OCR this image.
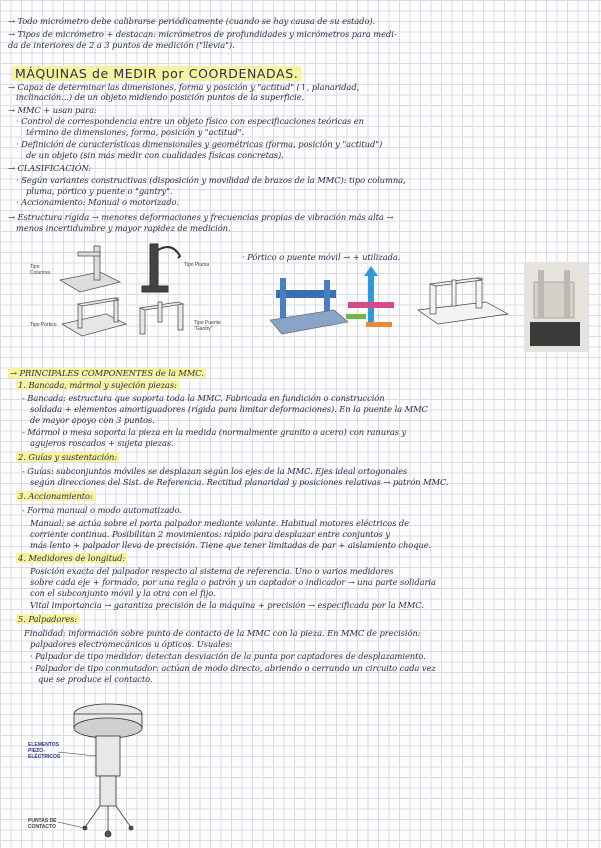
→ Todo micrómetro debe calibrarse periódicamente (cuando se hay causa de su estado).
→ Tipos de micrómetro + destacan: micrómetros de profundidades y micrómetros para medi-
da de interiores de 2 a 3 puntos de medición ("llevia").
MÁQUINAS de MEDIR por COORDENADAS.
→ Capaz de determinar las dimensiones, forma y posición y "actitud" (↑, planaridad,
inclinación...) de un objeto midiendo posición puntos de la superficie.
→ MMC + usan para:
· Control de correspondencia entre un objeto físico con especificaciones teóricas en
término de dimensiones, forma, posición y "actitud".
· Definición de características dimensionales y geométricas (forma, posición y "actitud")
de un objeto (sin más medir con cualidades físicas concretas).
→ CLASIFICACIÓN:
· Según variantes constructivas (disposición y movilidad de brazos de la MMC): tipo columna,
pluma, pórtico y puente o "gantry".
· Accionamiento: Manual o motorizado.
→ Estructura rígida → menores deformaciones y frecuencias propias de vibración más alta →
menos incertidumbre y mayor rapidez de medición.
Tipo Columna
Tipo Pluma
Tipo Pórtico	Tipo Puente "Gantry"
· Pórtico o puente móvil → + utilizada.
→ PRINCIPALES COMPONENTES de la MMC.
1. Bancada, mármol y sujeción piezas:
- Bancada: estructura que soporta toda la MMC. Fabricada en fundición o construcción
soldada + elementos amortiguadores (rígida para limitar deformaciones). En la puente la MMC
de mayor apoyo con 3 puntos.
- Mármol o mesa soporta la pieza en la medida (normalmente granito o acero) con ranuras y
agujeros roscados + sujeta piezas.
2. Guías y sustentación:
- Guías: subconjuntos móviles se desplazan según los ejes de la MMC. Ejes ideal ortogonales
según direcciones del Sist. de Referencia. Rectitud planaridad y posiciones relativas → patrón MMC.
3. Accionamiento:
- Forma manual o modo automatizado.
Manual: se actúa sobre el porta palpador mediante volante. Habitual motores eléctricos de
corriente continua. Posibilitan 2 movimientos: rápido para desplazar entre conjuntos y
más lento + palpador lleva de precisión. Tiene que tener limitadas de par + aislamiento choque.
4. Medidores de longitud:
Posición exacta del palpador respecto al sistema de referencia. Uno o varios medidores
sobre cada eje + formado, por una regla o patrón y un captador o indicador → una parte solidaria
con el subconjunto móvil y la otra con el fijo.
Vital importancia → garantiza precisión de la máquina + precisión → especificada por la MMC.
5. Palpadores:
Finalidad: información sobre punto de contacto de la MMC con la pieza. En MMC de precisión:
palpadores electromecánicos u ópticos. Usuales:
· Palpador de tipo medidor: detectan desviación de la punta por captadores de desplazamiento.
· Palpador de tipo conmutador: actúan de modo directo, abriendo o cerrando un circuito cada vez
que se produce el contacto.
ELEMENTOS PIEZO-ELÉCTRICOS
PUNTAS DE CONTACTO
